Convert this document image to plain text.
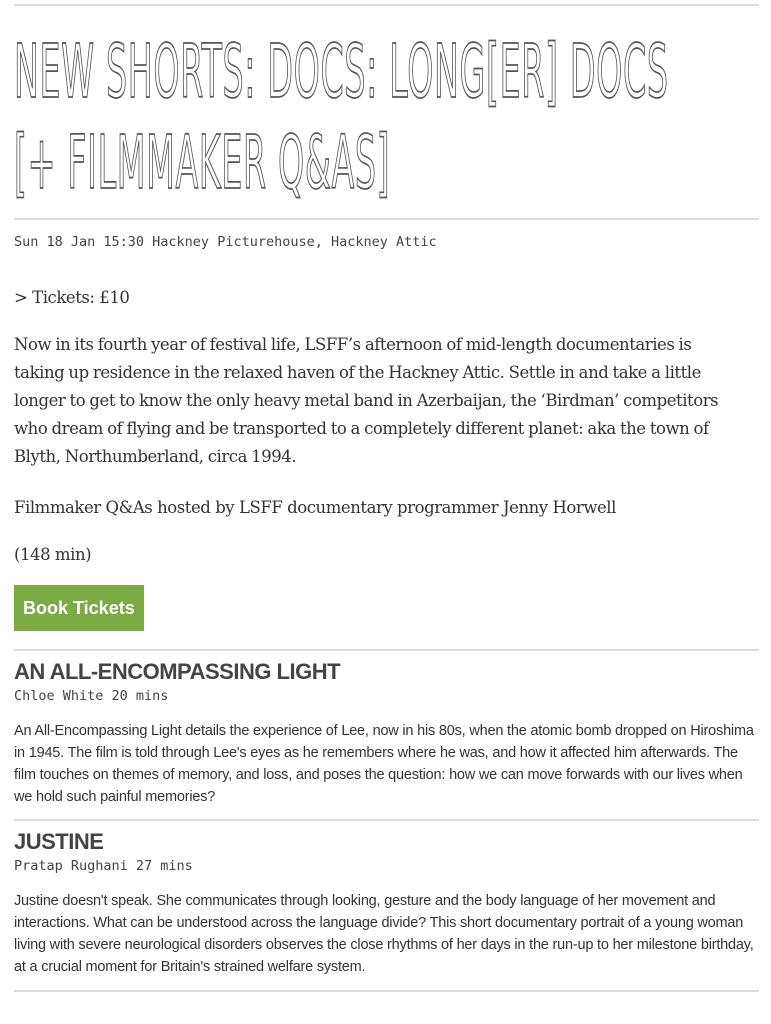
NEW SHORTS: DOCS: LONG[ER] DOCS
[+ FILMMAKER Q&AS]
Sun 18 Jan 15:30 Hackney Picturehouse, Hackney Attic
> Tickets: £10
Now in its fourth year of festival life, LSFF’s afternoon of mid-length documentaries is taking up residence in the relaxed haven of the Hackney Attic. Settle in and take a little longer to get to know the only heavy metal band in Azerbaijan, the ‘Birdman’ competitors who dream of flying and be transported to a completely different planet: aka the town of Blyth, Northumberland, circa 1994.
Filmmaker Q&As hosted by LSFF documentary programmer Jenny Horwell
(148 min)
Book Tickets
AN ALL-ENCOMPASSING LIGHT
Chloe White 20 mins
An All-Encompassing Light details the experience of Lee, now in his 80s, when the atomic bomb dropped on Hiroshima in 1945. The film is told through Lee's eyes as he remembers where he was, and how it affected him afterwards. The film touches on themes of memory, and loss, and poses the question: how we can move forwards with our lives when we hold such painful memories?
JUSTINE
Pratap Rughani 27 mins
Justine doesn't speak. She communicates through looking, gesture and the body language of her movement and interactions. What can be understood across the language divide? This short documentary portrait of a young woman living with severe neurological disorders observes the close rhythms of her days in the run-up to her milestone birthday, at a crucial moment for Britain's strained welfare system.
